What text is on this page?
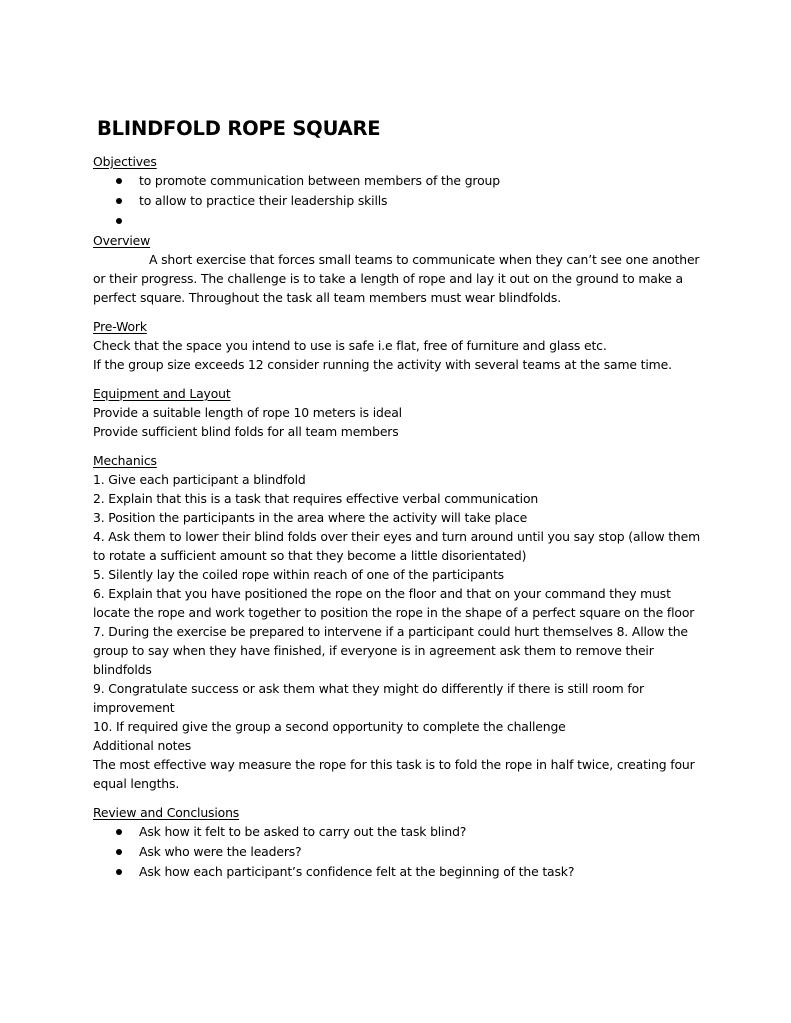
BLINDFOLD ROPE SQUARE
Objectives
to promote communication between members of the group
to allow to practice their leadership skills
Overview

A short exercise that forces small teams to communicate when they can’t see one another or their progress. The challenge is to take a length of rope and lay it out on the ground to make a perfect square. Throughout the task all team members must wear blindfolds.

Pre-Work

Check that the space you intend to use is safe i.e flat, free of furniture and glass etc.

If the group size exceeds 12 consider running the activity with several teams at the same time.

Equipment and Layout

Provide a suitable length of rope 10 meters is ideal

Provide sufficient blind folds for all team members

Mechanics

1. Give each participant a blindfold

2. Explain that this is a task that requires effective verbal communication

3. Position the participants in the area where the activity will take place

4. Ask them to lower their blind folds over their eyes and turn around until you say stop (allow them to rotate a sufficient amount so that they become a little disorientated)

5. Silently lay the coiled rope within reach of one of the participants

6. Explain that you have positioned the rope on the floor and that on your command they must locate the rope and work together to position the rope in the shape of a perfect square on the floor

7. During the exercise be prepared to intervene if a participant could hurt themselves 8. Allow the group to say when they have finished, if everyone is in agreement ask them to remove their blindfolds

9. Congratulate success or ask them what they might do differently if there is still room for improvement

10. If required give the group a second opportunity to complete the challenge

Additional notes

The most effective way measure the rope for this task is to fold the rope in half twice, creating four equal lengths.

Review and Conclusions
Ask how it felt to be asked to carry out the task blind?
Ask who were the leaders?
Ask how each participant’s confidence felt at the beginning of the task?
